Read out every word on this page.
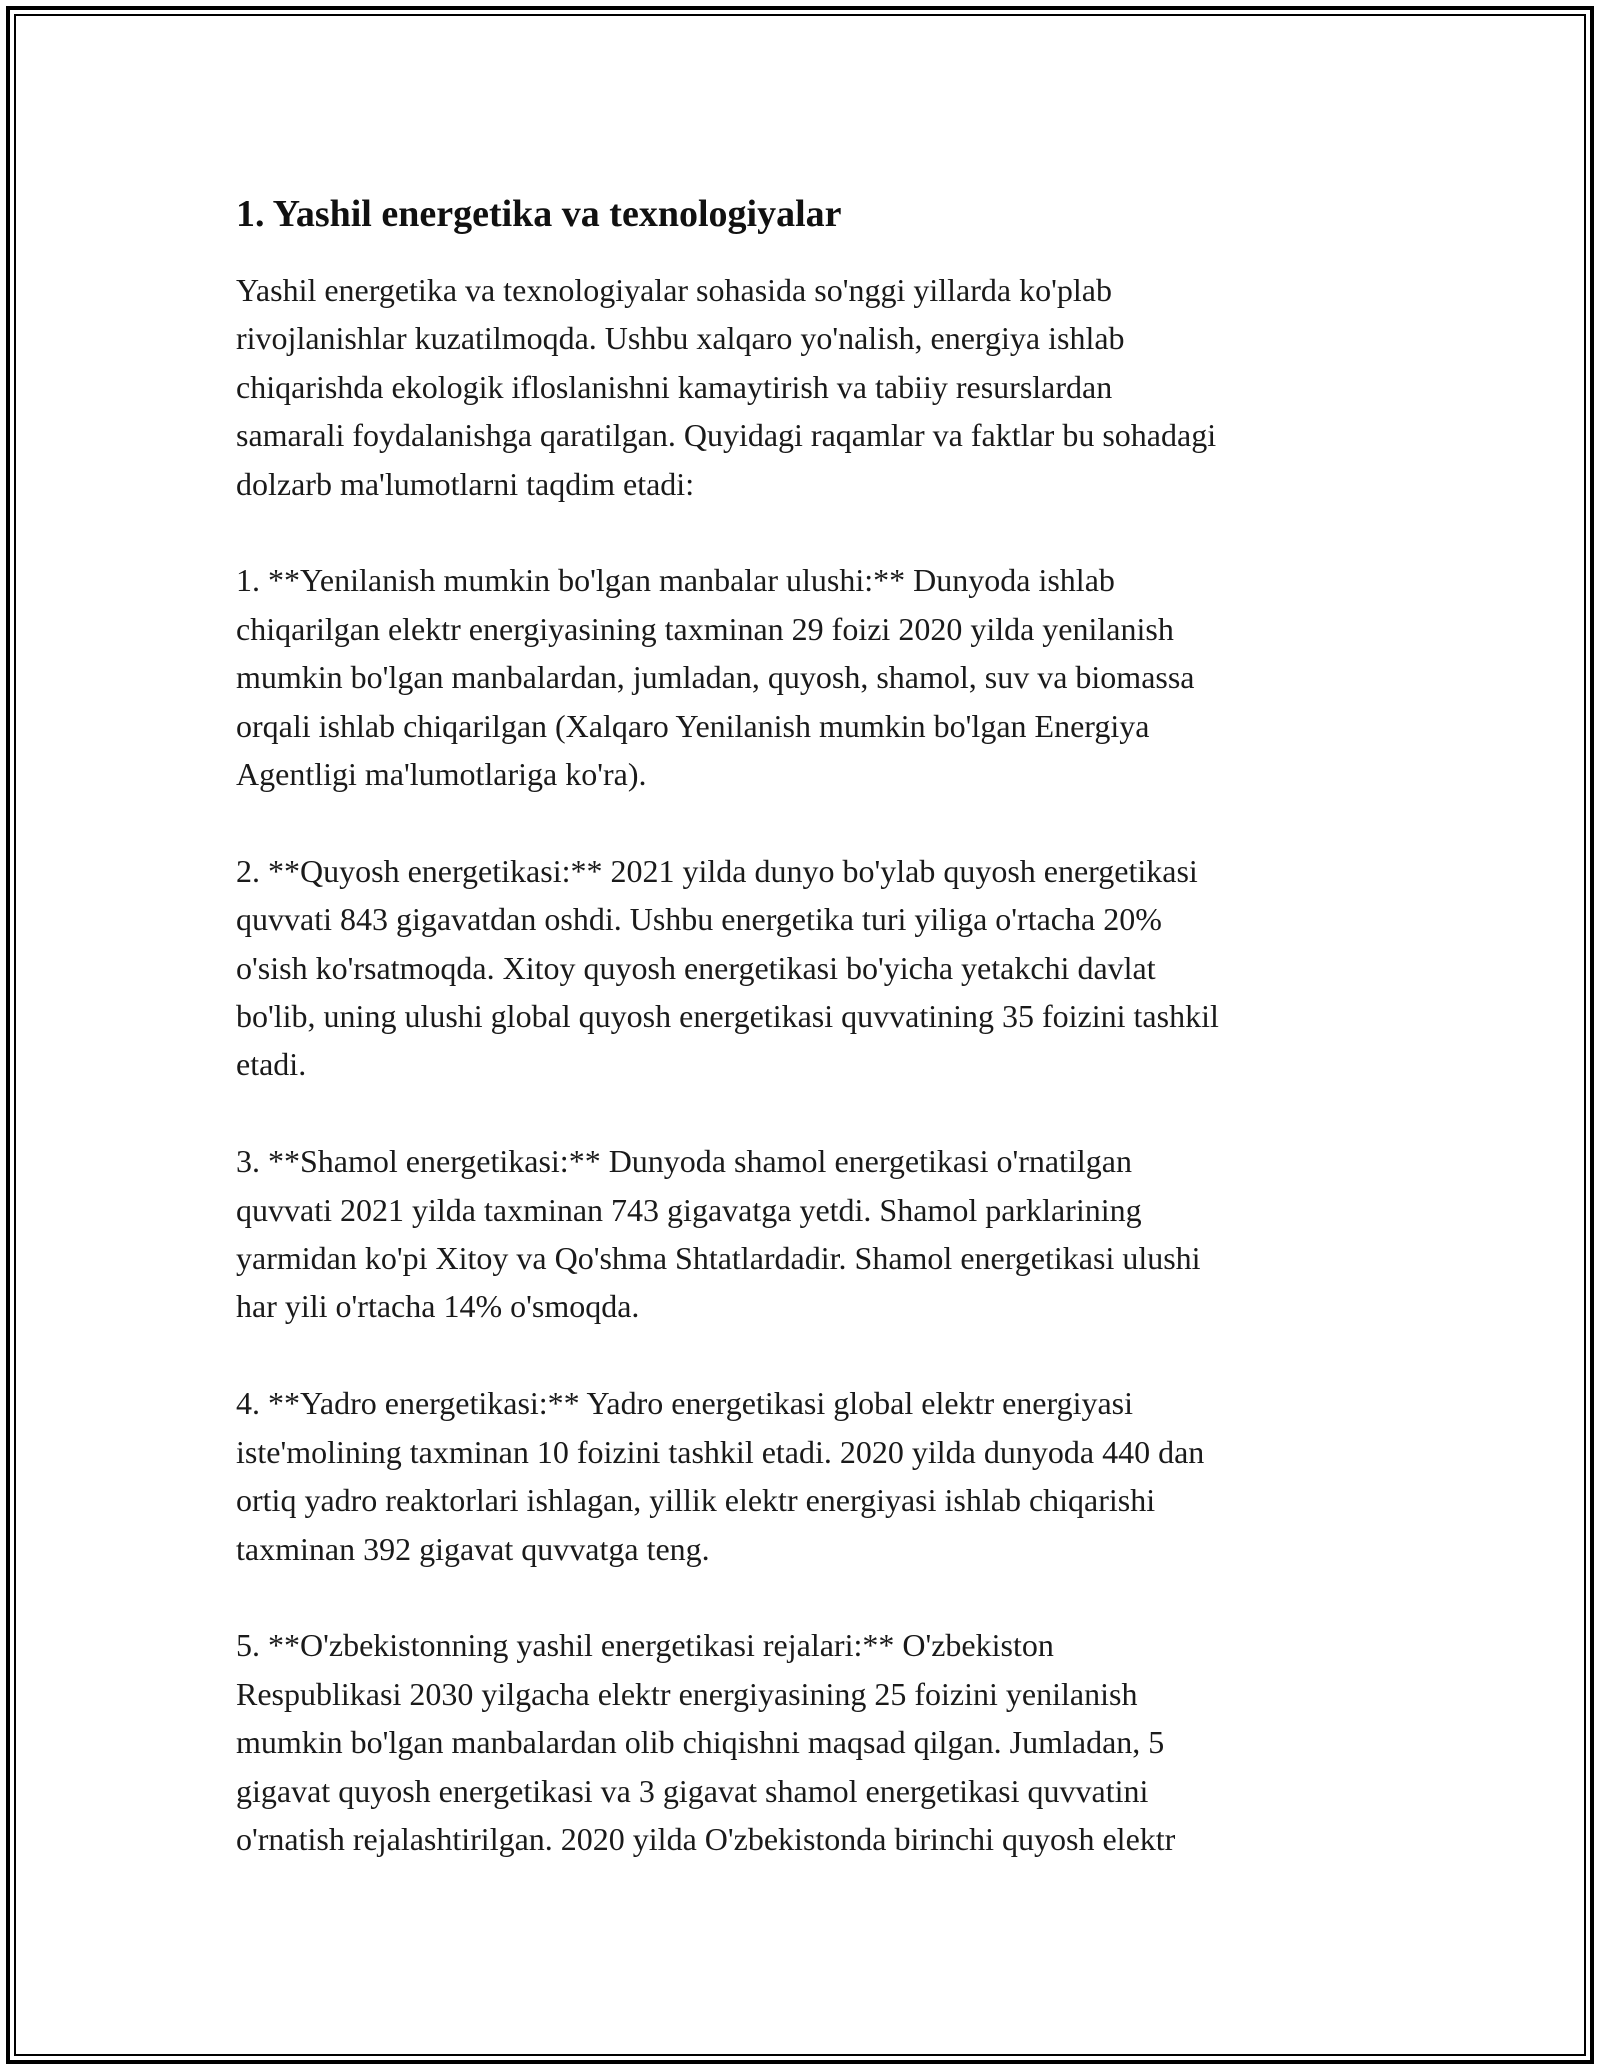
1. Yashil energetika va texnologiyalar
Yashil energetika va texnologiyalar sohasida so'nggi yillarda ko'plab
rivojlanishlar kuzatilmoqda. Ushbu xalqaro yo'nalish, energiya ishlab
chiqarishda ekologik ifloslanishni kamaytirish va tabiiy resurslardan
samarali foydalanishga qaratilgan. Quyidagi raqamlar va faktlar bu sohadagi
dolzarb ma'lumotlarni taqdim etadi:
1. **Yenilanish mumkin bo'lgan manbalar ulushi:** Dunyoda ishlab
chiqarilgan elektr energiyasining taxminan 29 foizi 2020 yilda yenilanish
mumkin bo'lgan manbalardan, jumladan, quyosh, shamol, suv va biomassa
orqali ishlab chiqarilgan (Xalqaro Yenilanish mumkin bo'lgan Energiya
Agentligi ma'lumotlariga ko'ra).
2. **Quyosh energetikasi:** 2021 yilda dunyo bo'ylab quyosh energetikasi
quvvati 843 gigavatdan oshdi. Ushbu energetika turi yiliga o'rtacha 20%
o'sish ko'rsatmoqda. Xitoy quyosh energetikasi bo'yicha yetakchi davlat
bo'lib, uning ulushi global quyosh energetikasi quvvatining 35 foizini tashkil
etadi.
3. **Shamol energetikasi:** Dunyoda shamol energetikasi o'rnatilgan
quvvati 2021 yilda taxminan 743 gigavatga yetdi. Shamol parklarining
yarmidan ko'pi Xitoy va Qo'shma Shtatlardadir. Shamol energetikasi ulushi
har yili o'rtacha 14% o'smoqda.
4. **Yadro energetikasi:** Yadro energetikasi global elektr energiyasi
iste'molining taxminan 10 foizini tashkil etadi. 2020 yilda dunyoda 440 dan
ortiq yadro reaktorlari ishlagan, yillik elektr energiyasi ishlab chiqarishi
taxminan 392 gigavat quvvatga teng.
5. **O'zbekistonning yashil energetikasi rejalari:** O'zbekiston
Respublikasi 2030 yilgacha elektr energiyasining 25 foizini yenilanish
mumkin bo'lgan manbalardan olib chiqishni maqsad qilgan. Jumladan, 5
gigavat quyosh energetikasi va 3 gigavat shamol energetikasi quvvatini
o'rnatish rejalashtirilgan. 2020 yilda O'zbekistonda birinchi quyosh elektr
